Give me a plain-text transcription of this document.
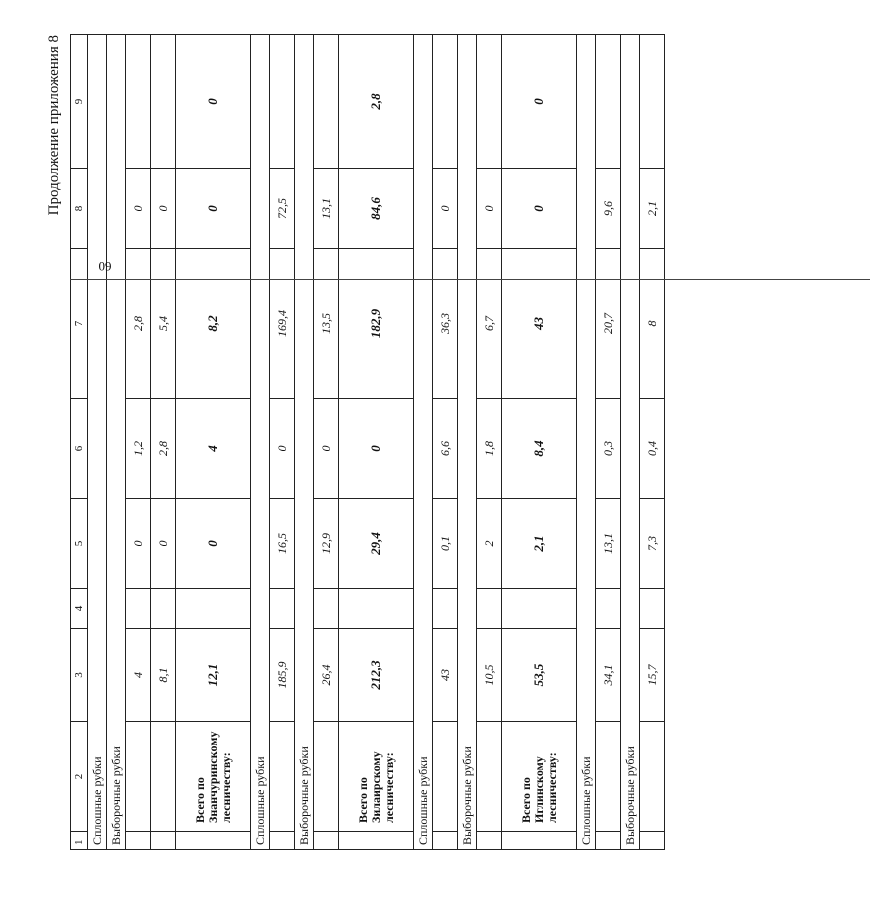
Продолжение приложения 8
1	2	3	4	5	6	7	8	9
Сплошные рубки								
Выборочные рубки								
		4		0	1,2	2,8	0	
		8,1		0	2,8	5,4	0	

	Всего по Знанчуринскому лесничеству:	12,1		0	4	8,2	0	0
Сплошные рубки								
		185,9		16,5	0	169,4	72,5	
Выборочные рубки								
		26,4		12,9	0	13,5	13,1	

	Всего по Зилаирскому лесничеству:	212,3		29,4	0	182,9	84,6	2,8
Сплошные рубки								
		43		0,1	6,6	36,3	0	
Выборочные рубки								
		10,5		2	1,8	6,7	0	

	Всего по Иглинскому лесничеству:	53,5		2,1	8,4	43	0	0
Сплошные рубки								
		34,1		13,1	0,3	20,7	9,6	
Выборочные рубки								
		15,7		7,3	0,4	8	2,1	
60
